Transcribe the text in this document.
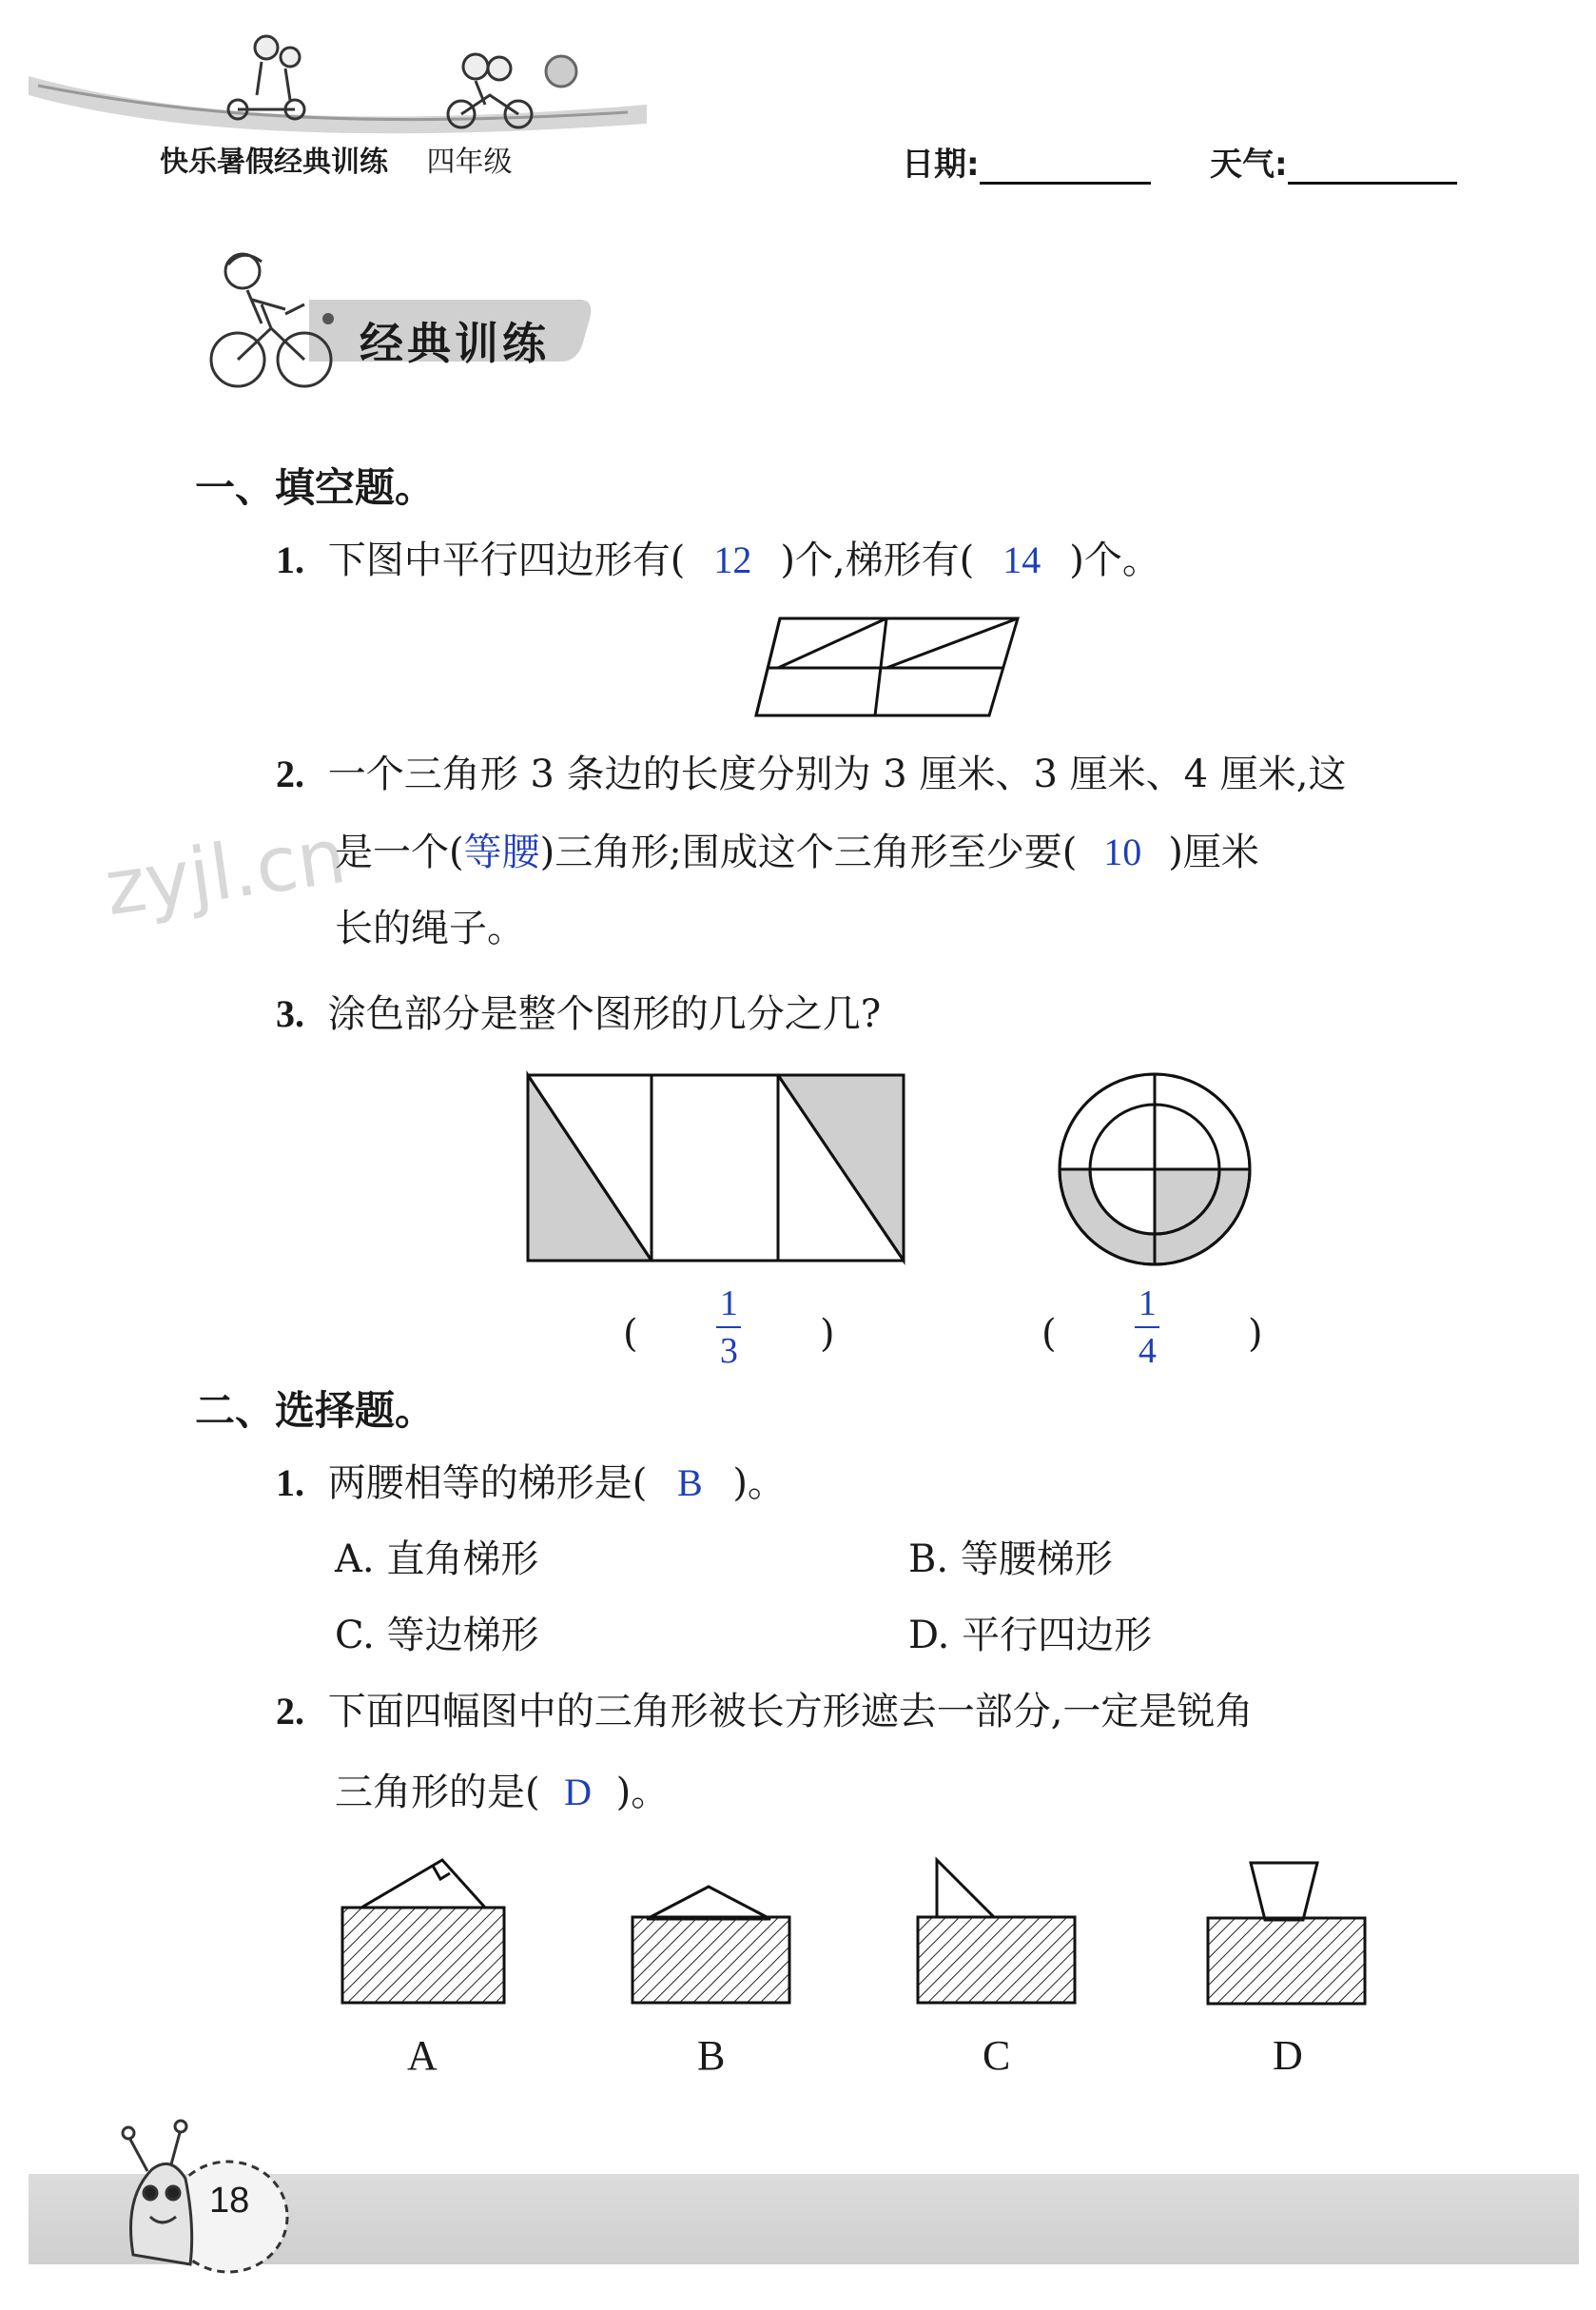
快乐暑假经典训练 四年级	日期:	天气:
经典训练
zyjl.cn
一、填空题。
1. 下图中平行四边形有( 12 )个,梯形有( 14 )个。
2. 一个三角形 3 条边的长度分别为 3 厘米、3 厘米、4 厘米,这
是一个(等腰)三角形;围成这个三角形至少要( 10 )厘米
长的绳子。
3. 涂色部分是整个图形的几分之几?
( $\frac{1}{3}$ )	( $\frac{1}{4}$ )
二、选择题。
1. 两腰相等的梯形是( B )。
A. 直角梯形	B. 等腰梯形
C. 等边梯形	D. 平行四边形
2. 下面四幅图中的三角形被长方形遮去一部分,一定是锐角
三角形的是( D )。
A	B	C	D
18
